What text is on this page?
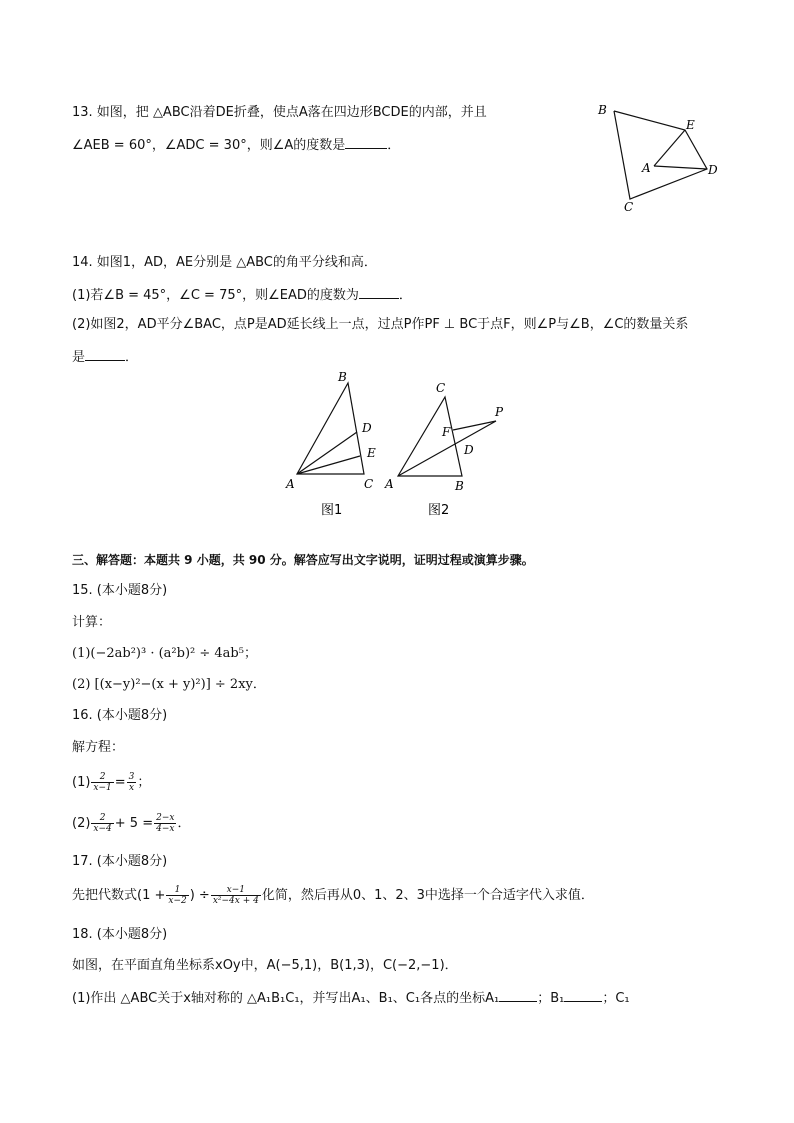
13. 如图，把 △ABC沿着DE折叠，使点A落在四边形BCDE的内部，并且
∠AEB = 60°，∠ADC = 30°，则∠A的度数是	．
B
E
A	D
C
14. 如图1，AD，AE分别是 △ABC的角平分线和高．
(1)若∠B = 45°，∠C = 75°，则∠EAD的度数为	．
(2)如图2，AD平分∠BAC，点P是AD延长线上一点，过点P作PF ⊥ BC于点F，则∠P与∠B，∠C的数量关系
是	．
B
D
E
A	C
图1
C
P
F
D
A	B
图2
三、解答题：本题共 9 小题，共 90 分。解答应写出文字说明，证明过程或演算步骤。
15. (本小题8分)
计算：
(1)(−2ab²)³ · (a²b)² ÷ 4ab⁵；
(2) [(x−y)²−(x + y)²)] ÷ 2xy．
16. (本小题8分)
解方程：
$(1) \frac{2}{x-1} = \frac{3}{x}$ ；
$(2) \frac{2}{x-4} + 5 = \frac{2-x}{4-x}$ ．
17. (本小题8分)
先把代数式($1 + \frac{1}{x-2}$ ) ÷ $\frac{x-1}{\text{x²−4x + 4}}$ 化简，然后再从0、1、2、3中选择一个合适字代入求值．
18. (本小题8分)
如图，在平面直角坐标系xOy中，A(−5,1)，B(1,3)，C(−2,−1)．
(1)作出 △ABC关于x轴对称的 △A₁B₁C₁，并写出A₁、B₁、C₁各点的坐标A₁	；B₁	；C₁
